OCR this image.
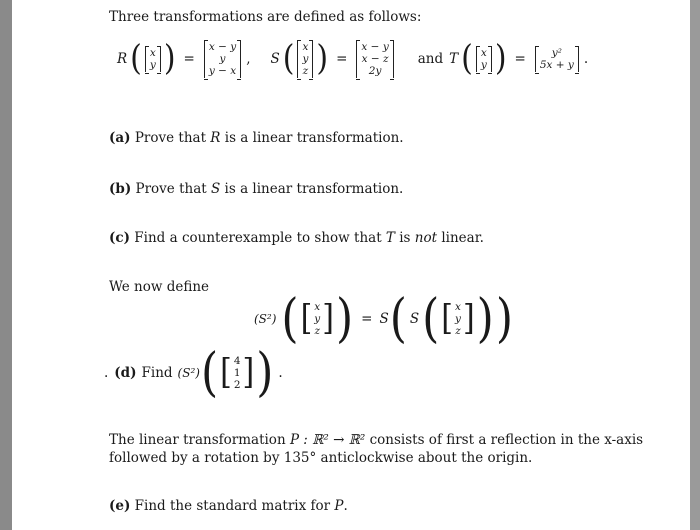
Three transformations are defined as follows:
R ( x
y ) =
x − y
y
y − x
, S ( x
y
z ) =
x − y
x − z
2y
and T ( x
y ) =	y²
5x + y .
(a) Prove that R is a linear transformation.
(b) Prove that S is a linear transformation.
(c) Find a counterexample to show that T is not linear.
We now define
(S²) ( [ x
y
z ] ) = S ( S ( [ x
y
z ] ) )
. (d) Find (S²) ( [ 4
1
2 ] ) .
The linear transformation P : ℝ² → ℝ² consists of first a reflection in the x-axis
followed by a rotation by 135° anticlockwise about the origin.
(e) Find the standard matrix for P.
